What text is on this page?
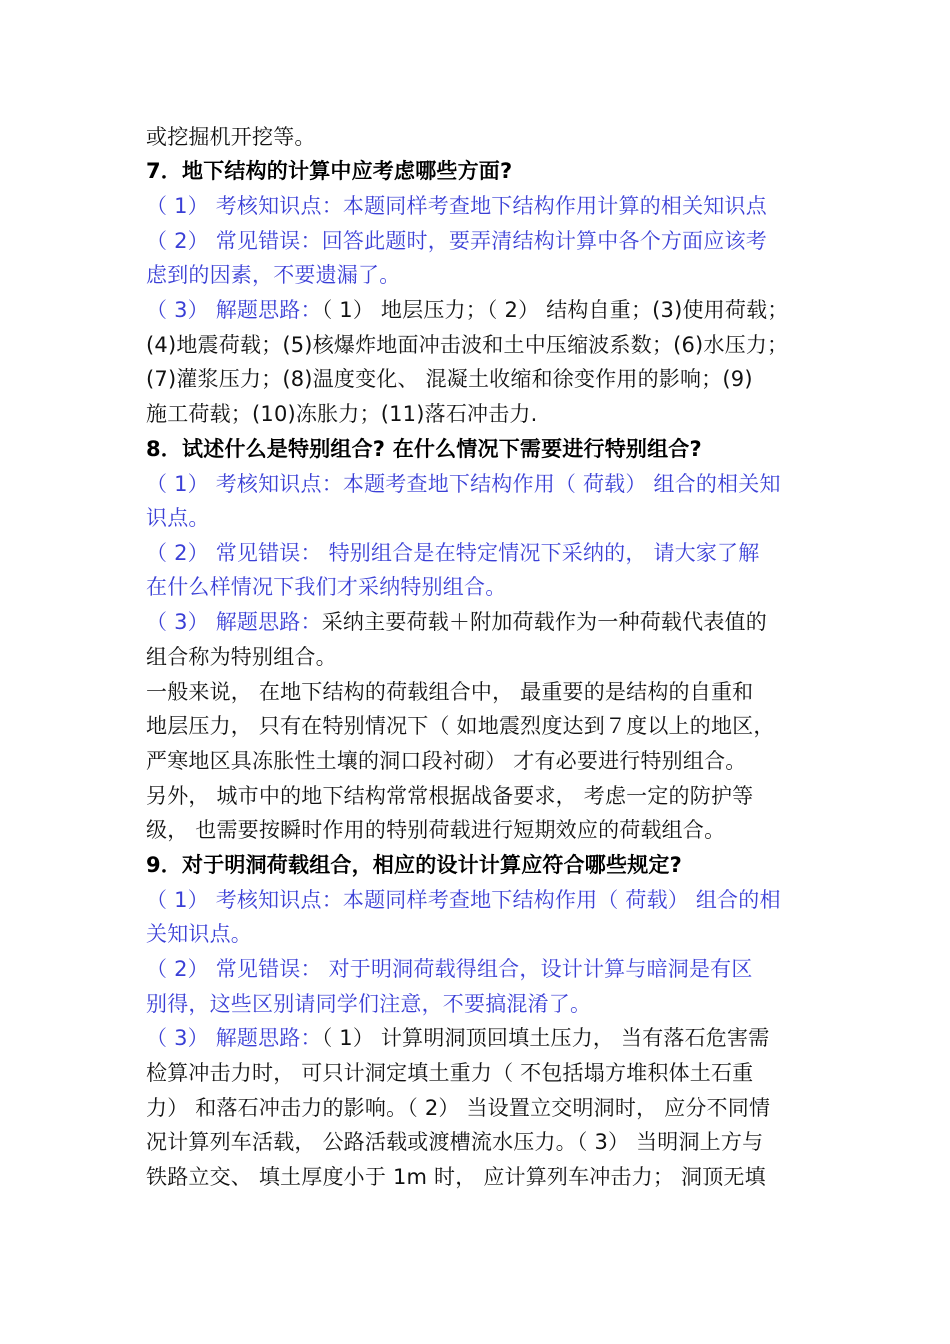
或挖掘机开挖等。
7．地下结构的计算中应考虑哪些方面?
（ 1） 考核知识点：本题同样考查地下结构作用计算的相关知识点
（ 2） 常见错误：回答此题时，要弄清结构计算中各个方面应该考
虑到的因素，不要遗漏了。
（ 3） 解题思路：（ 1） 地层压力；（ 2） 结构自重；(3)使用荷载；
(4)地震荷载；(5)核爆炸地面冲击波和土中压缩波系数；(6)水压力；
(7)灌浆压力；(8)温度变化、 混凝土收缩和徐变作用的影响；(9)
施工荷载；(10)冻胀力；(11)落石冲击力.
8．试述什么是特别组合? 在什么情况下需要进行特别组合?
（ 1） 考核知识点：本题考查地下结构作用（ 荷载） 组合的相关知
识点。
（ 2） 常见错误： 特别组合是在特定情况下采纳的， 请大家了解
在什么样情况下我们才采纳特别组合。
（ 3） 解题思路：采纳主要荷载＋附加荷载作为一种荷载代表值的
组合称为特别组合。
一般来说， 在地下结构的荷载组合中， 最重要的是结构的自重和
地层压力， 只有在特别情况下（ 如地震烈度达到７度以上的地区，
严寒地区具冻胀性土壤的洞口段衬砌） 才有必要进行特别组合。
另外， 城市中的地下结构常常根据战备要求， 考虑一定的防护等
级， 也需要按瞬时作用的特别荷载进行短期效应的荷载组合。
9．对于明洞荷载组合，相应的设计计算应符合哪些规定?
（ 1） 考核知识点：本题同样考查地下结构作用（ 荷载） 组合的相
关知识点。
（ 2） 常见错误： 对于明洞荷载得组合，设计计算与暗洞是有区
别得，这些区别请同学们注意，不要搞混淆了。
（ 3） 解题思路：（ 1） 计算明洞顶回填土压力， 当有落石危害需
检算冲击力时， 可只计洞定填土重力（ 不包括塌方堆积体土石重
力） 和落石冲击力的影响。（ 2） 当设置立交明洞时， 应分不同情
况计算列车活载， 公路活载或渡槽流水压力。（ 3） 当明洞上方与
铁路立交、 填土厚度小于 1m 时， 应计算列车冲击力； 洞顶无填
